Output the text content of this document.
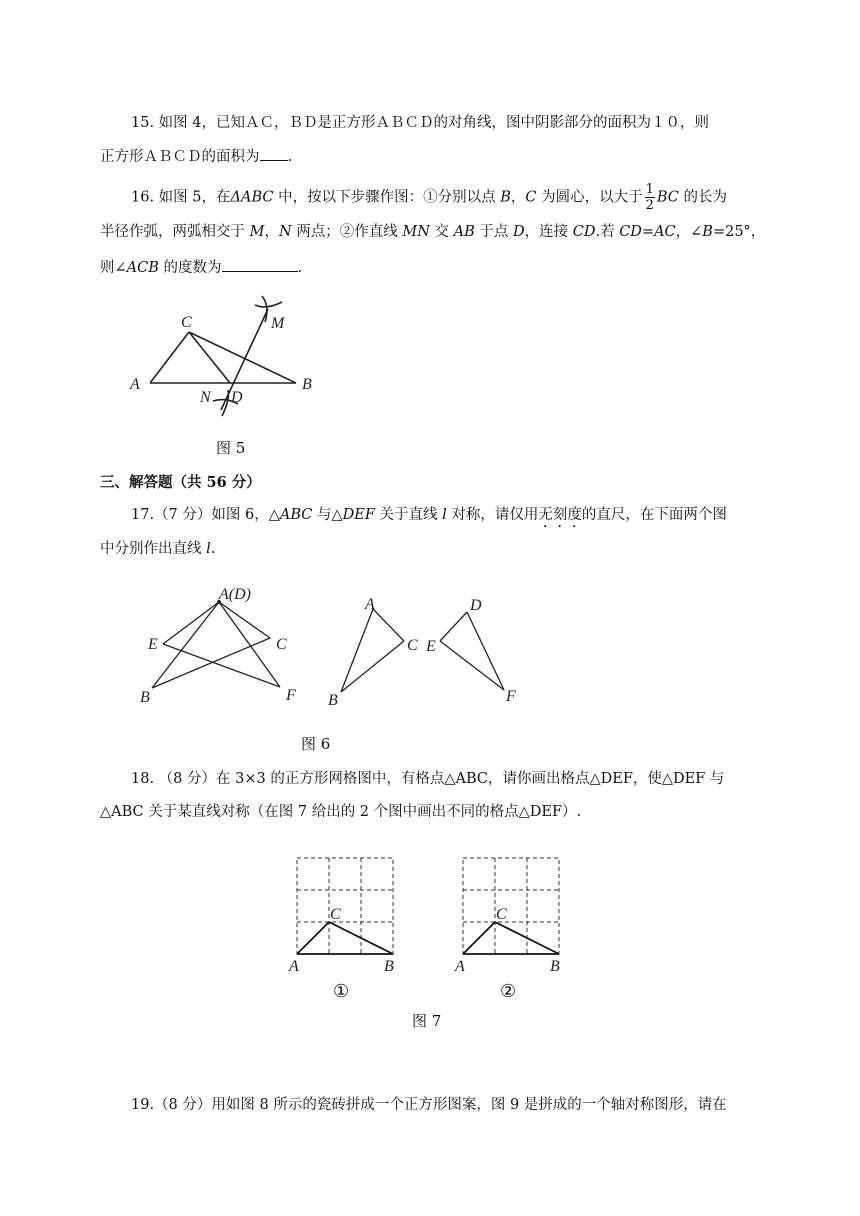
15. 如图 4，已知ＡＣ，ＢＤ是正方形ＡＢＣＤ的对角线，图中阴影部分的面积为１０，则
正方形ＡＢＣＤ的面积为 .
16. 如图 5，在ΔABC 中，按以下步骤作图：①分别以点 B，C 为圆心，以大于 $\frac{1}{2}$ BC 的长为
半径作弧，两弧相交于 M，N 两点；②作直线 MN 交 AB 于点 D，连接 CD.若 CD=AC，∠B=25°，
则∠ACB 的度数为	.
A	B
C
D
M
N
图 5
三、解答题（共 56 分）
17.（7 分）如图 6，△ABC 与△DEF 关于直线 l 对称，请仅用无刻度的直尺，在下面两个图
中分别作出直线 l.
A(D)
E	C
B	F
A
C
B
D
E
F
图 6
18. （8 分）在 3×3 的正方形网格图中，有格点△ABC，请你画出格点△DEF，使△DEF 与
△ABC 关于某直线对称（在图 7 给出的 2 个图中画出不同的格点△DEF）.
A	B
C
A	B
C
①	②
图 7
19.（8 分）用如图 8 所示的瓷砖拼成一个正方形图案，图 9 是拼成的一个轴对称图形，请在
